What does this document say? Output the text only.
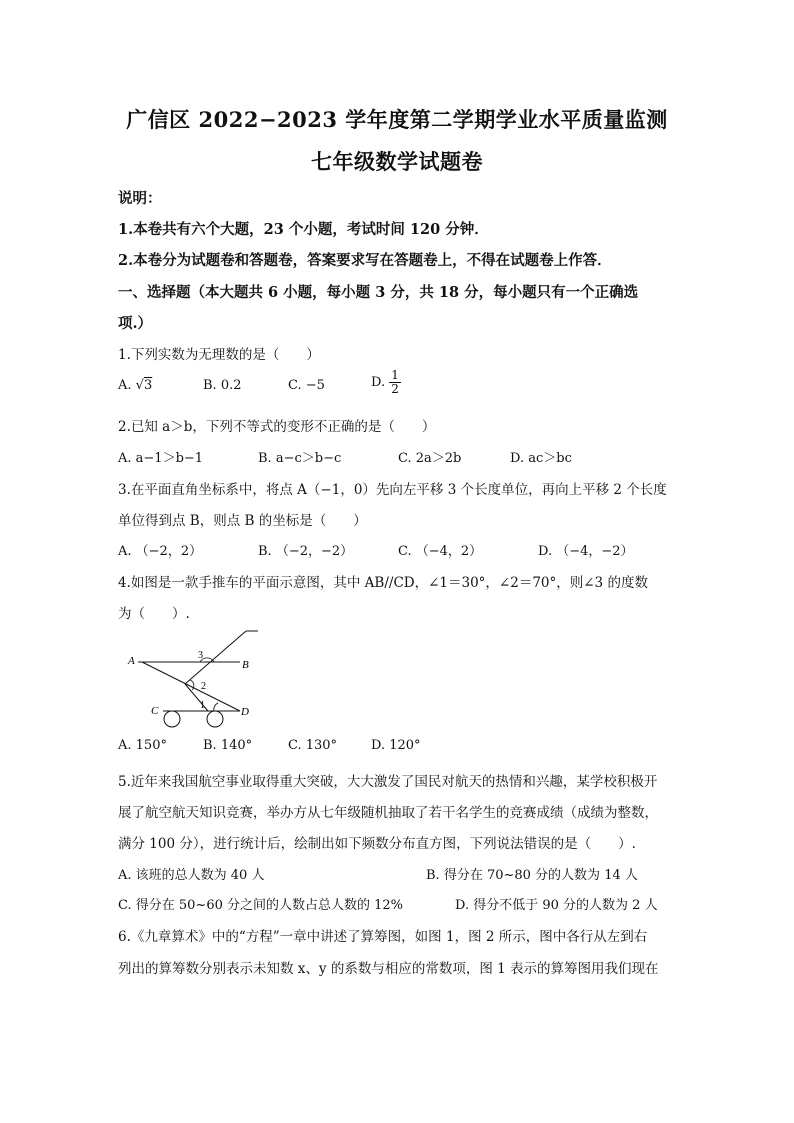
广信区 2022−2023 学年度第二学期学业水平质量监测
七年级数学试题卷
说明：
1.本卷共有六个大题，23 个小题，考试时间 120 分钟．
2.本卷分为试题卷和答题卷，答案要求写在答题卷上，不得在试题卷上作答．
一、选择题（本大题共 6 小题，每小题 3 分，共 18 分，每小题只有一个正确选
项.）
1.下列实数为无理数的是（　　）
A. √3	B. 0.2	C. −5	D. $\frac{1}{2}$
2.已知 a＞b，下列不等式的变形不正确的是（　　）
A. a−1＞b−1	B. a−c＞b−c	C. 2a＞2b	D. ac＞bc
3.在平面直角坐标系中，将点 A（−1，0）先向左平移 3 个长度单位，再向上平移 2 个长度
单位得到点 B，则点 B 的坐标是（　　）
A. （−2，2）	B. （−2，−2）	C. （−4，2）	D. （−4，−2）
4.如图是一款手推车的平面示意图，其中 AB//CD，∠1＝30°，∠2＝70°，则∠3 的度数
为（　　）.
A	B
C	D
3
2
1
A. 150°	B. 140°	C. 130°	D. 120°
5.近年来我国航空事业取得重大突破，大大激发了国民对航天的热情和兴趣，某学校积极开
展了航空航天知识竞赛，举办方从七年级随机抽取了若干名学生的竞赛成绩（成绩为整数，
满分 100 分），进行统计后，绘制出如下频数分布直方图，下列说法错误的是（　　）.
A. 该班的总人数为 40 人	B. 得分在 70~80 分的人数为 14 人
C. 得分在 50~60 分之间的人数占总人数的 12%	D. 得分不低于 90 分的人数为 2 人
6.《九章算术》中的“方程”一章中讲述了算筹图，如图 1，图 2 所示，图中各行从左到右
列出的算筹数分别表示未知数 x、y 的系数与相应的常数项，图 1 表示的算筹图用我们现在
